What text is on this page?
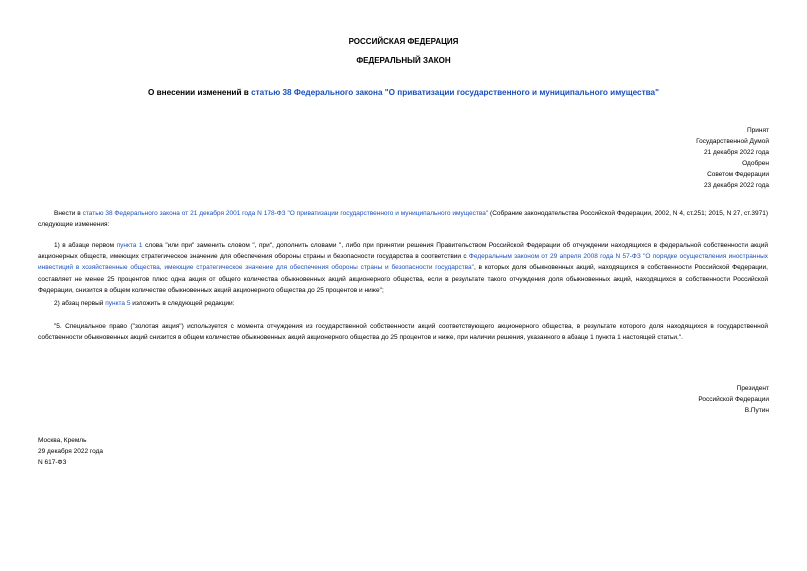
РОССИЙСКАЯ ФЕДЕРАЦИЯ
ФЕДЕРАЛЬНЫЙ ЗАКОН
О внесении изменений в статью 38 Федерального закона "О приватизации государственного и муниципального имущества"
Принят
Государственной Думой
21 декабря 2022 года
Одобрен
Советом Федерации
23 декабря 2022 года
Внести в статью 38 Федерального закона от 21 декабря 2001 года N 178-ФЗ "О приватизации государственного и муниципального имущества" (Собрание законодательства Российской Федерации, 2002, N 4, ст.251; 2015, N 27, ст.3971) следующие изменения:
1) в абзаце первом пункта 1 слова "или при" заменить словом ", при", дополнить словами ", либо при принятии решения Правительством Российской Федерации об отчуждении находящихся в федеральной собственности акций акционерных обществ, имеющих стратегическое значение для обеспечения обороны страны и безопасности государства в соответствии с Федеральным законом от 29 апреля 2008 года N 57-ФЗ "О порядке осуществления иностранных инвестиций в хозяйственные общества, имеющие стратегическое значение для обеспечения обороны страны и безопасности государства", в которых доля обыкновенных акций, находящихся в собственности Российской Федерации, составляет не менее 25 процентов плюс одна акция от общего количества обыкновенных акций акционерного общества, если в результате такого отчуждения доля обыкновенных акций, находящихся в собственности Российской Федерации, снизится в общем количестве обыкновенных акций акционерного общества до 25 процентов и ниже";
2) абзац первый пункта 5 изложить в следующей редакции:
"5. Специальное право ("золотая акция") используется с момента отчуждения из государственной собственности акций соответствующего акционерного общества, в результате которого доля находящихся в государственной собственности обыкновенных акций снизится в общем количестве обыкновенных акций акционерного общества до 25 процентов и ниже, при наличии решения, указанного в абзаце 1 пункта 1 настоящей статьи.".
Президент
Российской Федерации
В.Путин
Москва, Кремль
29 декабря 2022 года
N 617-ФЗ
